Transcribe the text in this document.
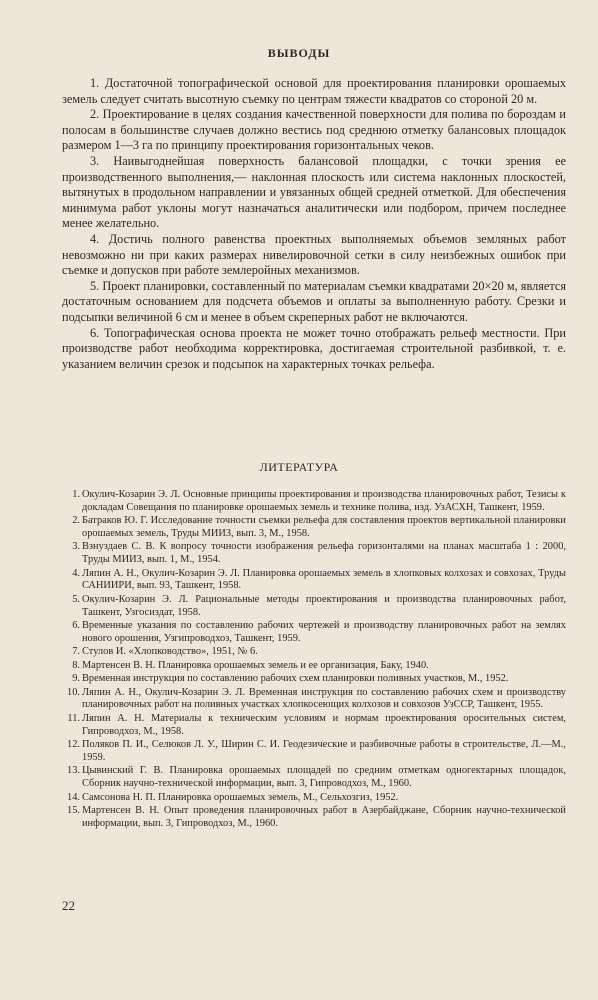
ВЫВОДЫ

1. Достаточной топографической основой для проектирования планировки орошаемых земель следует считать высотную съемку по центрам тяжести квадратов со стороной 20 м.

2. Проектирование в целях создания качественной поверхности для полива по бороздам и полосам в большинстве случаев должно вестись под среднюю отметку балансовых площадок размером 1—3 га по принципу проектирования горизонтальных чеков.

3. Наивыгоднейшая поверхность балансовой площадки, с точки зрения ее производственного выполнения,— наклонная плоскость или система наклонных плоскостей, вытянутых в продольном направлении и увязанных общей средней отметкой. Для обеспечения минимума работ уклоны могут назначаться аналитически или подбором, причем последнее менее желательно.

4. Достичь полного равенства проектных выполняемых объемов земляных работ невозможно ни при каких размерах нивелировочной сетки в силу неизбежных ошибок при съемке и допусков при работе землеройных механизмов.

5. Проект планировки, составленный по материалам съемки квадратами 20×20 м, является достаточным основанием для подсчета объемов и оплаты за выполненную работу. Срезки и подсыпки величиной 6 см и менее в объем скреперных работ не включаются.

6. Топографическая основа проекта не может точно отображать рельеф местности. При производстве работ необходима корректировка, достигаемая строительной разбивкой, т. е. указанием величин срезок и подсыпок на характерных точках рельефа.

ЛИТЕРАТУРА
1. Окулич-Козарин Э. Л. Основные принципы проектирования и производства планировочных работ, Тезисы к докладам Совещания по планировке орошаемых земель и технике полива, изд. УзАСХН, Ташкент, 1959.
2. Батраков Ю. Г. Исследование точности съемки рельефа для составления проектов вертикальной планировки орошаемых земель, Труды МИИЗ, вып. 3, М., 1958.
3. Взнуздаев С. В. К вопросу точности изображения рельефа горизонталями на планах масштаба 1 : 2000, Труды МИИЗ, вып. 1, М., 1954.
4. Ляпин А. Н., Окулич-Козарин Э. Л. Планировка орошаемых земель в хлопковых колхозах и совхозах, Труды САНИИРИ, вып. 93, Ташкент, 1958.
5. Окулич-Козарин Э. Л. Рациональные методы проектирования и производства планировочных работ, Ташкент, Узгосиздат, 1958.
6. Временные указания по составлению рабочих чертежей и производству планировочных работ на землях нового орошения, Узгипроводхоз, Ташкент, 1959.
7. Стулов И. «Хлопководство», 1951, № 6.
8. Мартенсен В. Н. Планировка орошаемых земель и ее организация, Баку, 1940.
9. Временная инструкция по составлению рабочих схем планировки поливных участков, М., 1952.
10. Ляпин А. Н., Окулич-Козарин Э. Л. Временная инструкция по составлению рабочих схем и производству планировочных работ на поливных участках хлопкосеющих колхозов и совхозов УзССР, Ташкент, 1955.
11. Ляпин А. Н. Материалы к техническим условиям и нормам проектирования оросительных систем, Гипроводхоз, М., 1958.
12. Поляков П. И., Селюков Л. У., Ширин С. И. Геодезические и разбивочные работы в строительстве, Л.—М., 1959.
13. Цывинский Г. В. Планировка орошаемых площадей по средним отметкам одногектарных площадок, Сборник научно-технической информации, вып. 3, Гипроводхоз, М., 1960.
14. Самсонова Н. П. Планировка орошаемых земель, М., Сельхозгиз, 1952.
15. Мартенсен В. Н. Опыт проведения планировочных работ в Азербайджане, Сборник научно-технической информации, вып. 3, Гипроводхоз, М., 1960.
22
